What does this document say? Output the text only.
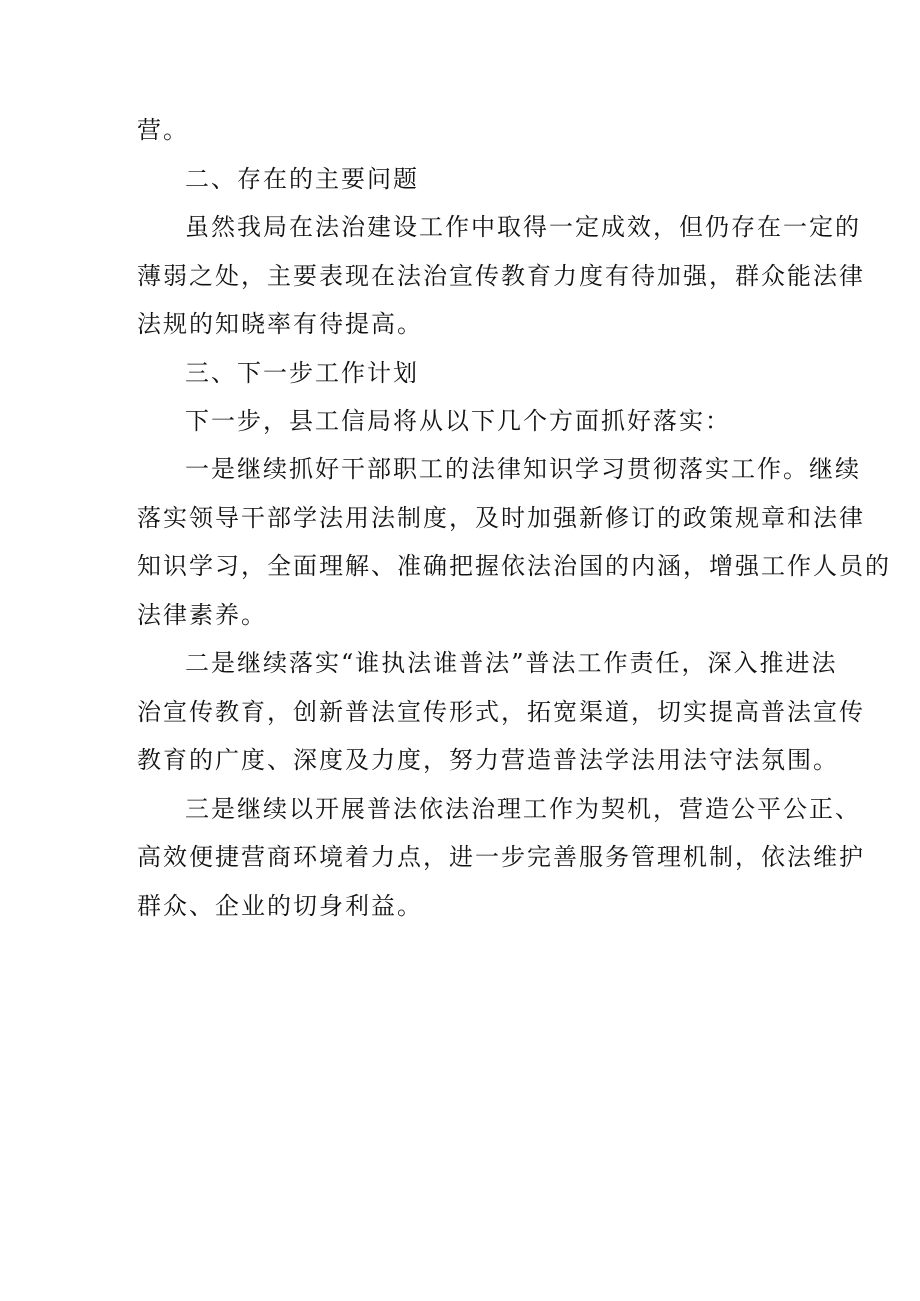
营。
二、存在的主要问题
虽然我局在法治建设工作中取得一定成效，但仍存在一定的
薄弱之处，主要表现在法治宣传教育力度有待加强，群众能法律
法规的知晓率有待提高。
三、下一步工作计划
下一步，县工信局将从以下几个方面抓好落实：
一是继续抓好干部职工的法律知识学习贯彻落实工作。继续
落实领导干部学法用法制度，及时加强新修订的政策规章和法律
知识学习，全面理解、准确把握依法治国的内涵，增强工作人员的
法律素养。
二是继续落实“谁执法谁普法”普法工作责任，深入推进法
治宣传教育，创新普法宣传形式，拓宽渠道，切实提高普法宣传
教育的广度、深度及力度，努力营造普法学法用法守法氛围。
三是继续以开展普法依法治理工作为契机，营造公平公正、
高效便捷营商环境着力点，进一步完善服务管理机制，依法维护
群众、企业的切身利益。
